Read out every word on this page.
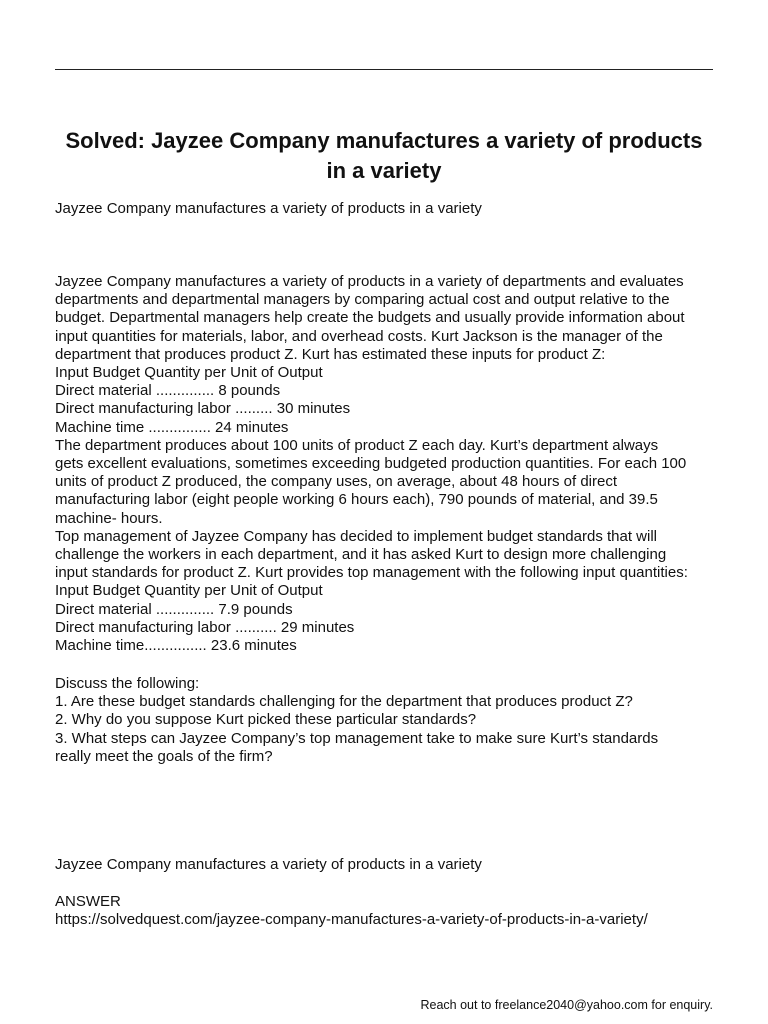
Solved: Jayzee Company manufactures a variety of products in a variety
Jayzee Company manufactures a variety of products in a variety

Jayzee Company manufactures a variety of products in a variety of departments and evaluates

departments and departmental managers by comparing actual cost and output relative to the

budget. Departmental managers help create the budgets and usually provide information about

input quantities for materials, labor, and overhead costs. Kurt Jackson is the manager of the

department that produces product Z. Kurt has estimated these inputs for product Z:

Input Budget Quantity per Unit of Output

Direct material .............. 8 pounds

Direct manufacturing labor ......... 30 minutes

Machine time ............... 24 minutes

The department produces about 100 units of product Z each day. Kurt’s department always

gets excellent evaluations, sometimes exceeding budgeted production quantities. For each 100

units of product Z produced, the company uses, on average, about 48 hours of direct

manufacturing labor (eight people working 6 hours each), 790 pounds of material, and 39.5

machine- hours.

Top management of Jayzee Company has decided to implement budget standards that will

challenge the workers in each department, and it has asked Kurt to design more challenging

input standards for product Z. Kurt provides top management with the following input quantities:

Input Budget Quantity per Unit of Output

Direct material .............. 7.9 pounds

Direct manufacturing labor .......... 29 minutes

Machine time............... 23.6 minutes

Discuss the following:

1. Are these budget standards challenging for the department that produces product Z?

2. Why do you suppose Kurt picked these particular standards?

3. What steps can Jayzee Company’s top management take to make sure Kurt’s standards

really meet the goals of the firm?

Jayzee Company manufactures a variety of products in a variety

ANSWER

https://solvedquest.com/jayzee-company-manufactures-a-variety-of-products-in-a-variety/

Reach out to freelance2040@yahoo.com for enquiry.
